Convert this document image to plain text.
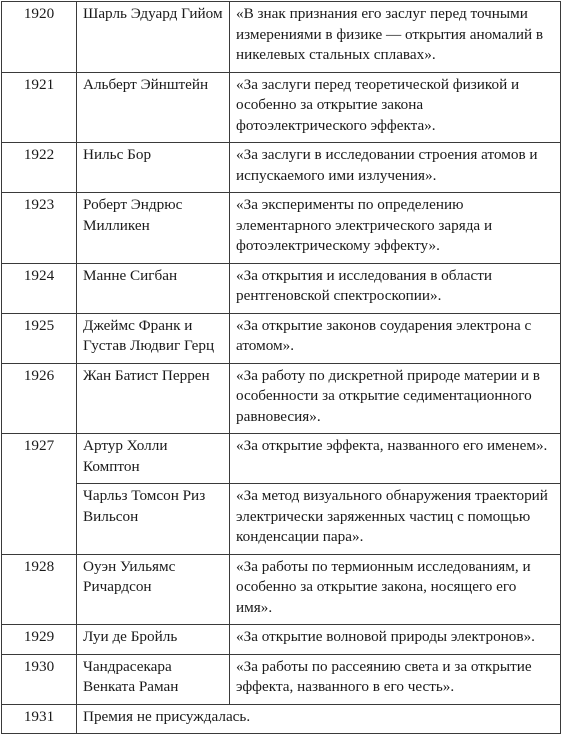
1920	Шарль Эдуард Гийом	«В знак признания его заслуг перед точными измерениями в физике — открытия аномалий в никелевых стальных сплавах».
1921	Альберт Эйнштейн	«За заслуги перед теоретической физикой и особенно за открытие закона фотоэлектрического эффекта».
1922	Нильс Бор	«За заслуги в исследовании строения атомов и испускаемого ими излучения».
1923	Роберт Эндрюс Милликен	«За эксперименты по определению элементарного электрического заряда и фотоэлектрическому эффекту».
1924	Манне Сигбан	«За открытия и исследования в области рентгеновской спектроскопии».
1925	Джеймс Франк и Густав Людвиг Герц	«За открытие законов соударения электрона с атомом».
1926	Жан Батист Перрен	«За работу по дискретной природе материи и в особенности за открытие седиментационного равновесия».
1927	Артур Холли Комптон	«За открытие эффекта, названного его именем».
	Чарльз Томсон Риз Вильсон	«За метод визуального обнаружения траекторий электрически заряженных частиц с помощью конденсации пара».
1928	Оуэн Уильямс Ричардсон	«За работы по термионным исследованиям, и особенно за открытие закона, носящего его имя».
1929	Луи де Бройль	«За открытие волновой природы электронов».
1930	Чандрасекара Венката Раман	«За работы по рассеянию света и за открытие эффекта, названного в его честь».
1931	Премия не присуждалась.	
